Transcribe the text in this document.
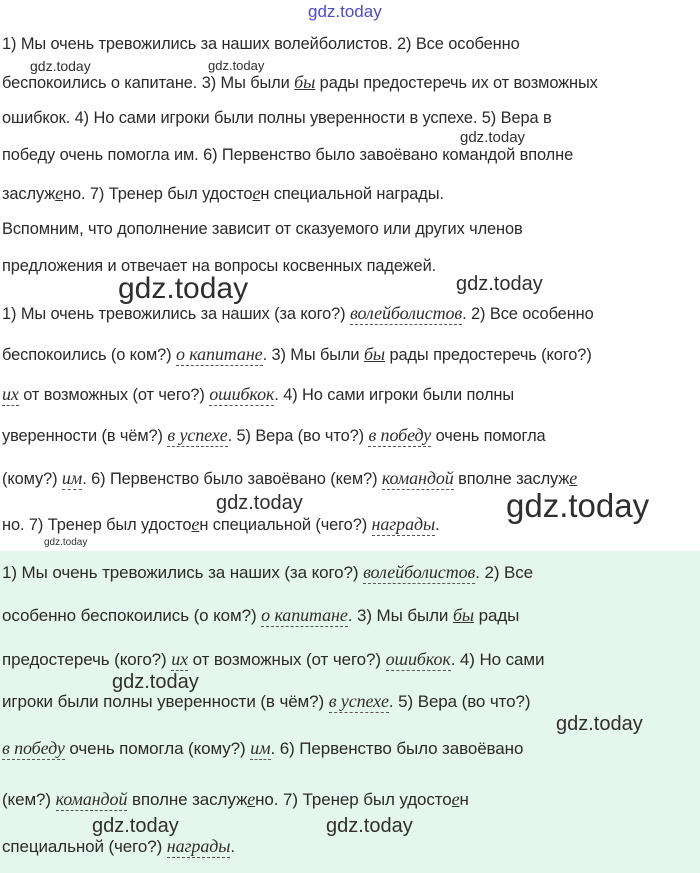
gdz.today
gdz.today	gdz.today
gdz.today
gdz.today	gdz.today
gdz.today	gdz.today
gdz.today
gdz.today
gdz.today
gdz.today	gdz.today
1) Мы очень тревожились за наших волейболистов. 2) Все особенно
беспокоились о капитане. 3) Мы были бы рады предостеречь их от возможных
ошибкок. 4) Но сами игроки были полны уверенности в успехе. 5) Вера в
победу очень помогла им. 6) Первенство было завоёвано командой вполне
заслужено. 7) Тренер был удостоен специальной награды.
Вспомним, что дополнение зависит от сказуемого или других членов
предложения и отвечает на вопросы косвенных падежей.
1) Мы очень тревожились за наших (за кого?) волейболистов. 2) Все особенно
беспокоились (о ком?) о капитане. 3) Мы были бы рады предостеречь (кого?)
их от возможных (от чего?) ошибкок. 4) Но сами игроки были полны
уверенности (в чём?) в успехе. 5) Вера (во что?) в победу очень помогла
(кому?) им. 6) Первенство было завоёвано (кем?) командой вполне заслуже
но. 7) Тренер был удостоен специальной (чего?) награды.
1) Мы очень тревожились за наших (за кого?) волейболистов. 2) Все
особенно беспокоились (о ком?) о капитане. 3) Мы были бы рады
предостеречь (кого?) их от возможных (от чего?) ошибкок. 4) Но сами
игроки были полны уверенности (в чём?) в успехе. 5) Вера (во что?)
в победу очень помогла (кому?) им. 6) Первенство было завоёвано
(кем?) командой вполне заслужено. 7) Тренер был удостоен
специальной (чего?) награды.
